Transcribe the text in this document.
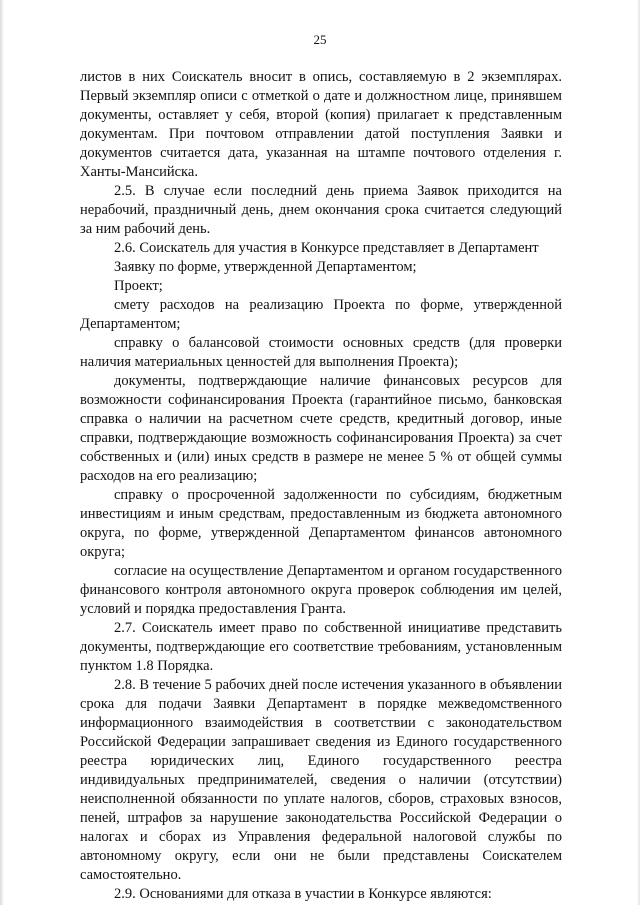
25

листов в них Соискатель вносит в опись, составляемую в 2 экземплярах. Первый экземпляр описи с отметкой о дате и должностном лице, принявшем документы, оставляет у себя, второй (копия) прилагает к представленным документам. При почтовом отправлении датой поступления Заявки и документов считается дата, указанная на штампе почтового отделения г. Ханты-Мансийска.

2.5. В случае если последний день приема Заявок приходится на нерабочий, праздничный день, днем окончания срока считается следующий за ним рабочий день.

2.6. Соискатель для участия в Конкурсе представляет в Департамент

Заявку по форме, утвержденной Департаментом;

Проект;

смету расходов на реализацию Проекта по форме, утвержденной Департаментом;

справку о балансовой стоимости основных средств (для проверки наличия материальных ценностей для выполнения Проекта);

документы, подтверждающие наличие финансовых ресурсов для возможности софинансирования Проекта (гарантийное письмо, банковская справка о наличии на расчетном счете средств, кредитный договор, иные справки, подтверждающие возможность софинансирования Проекта) за счет собственных и (или) иных средств в размере не менее 5 % от общей суммы расходов на его реализацию;

справку о просроченной задолженности по субсидиям, бюджетным инвестициям и иным средствам, предоставленным из бюджета автономного округа, по форме, утвержденной Департаментом финансов автономного округа;

согласие на осуществление Департаментом и органом государственного финансового контроля автономного округа проверок соблюдения им целей, условий и порядка предоставления Гранта.

2.7. Соискатель имеет право по собственной инициативе представить документы, подтверждающие его соответствие требованиям, установленным пунктом 1.8 Порядка.

2.8. В течение 5 рабочих дней после истечения указанного в объявлении срока для подачи Заявки Департамент в порядке межведомственного информационного взаимодействия в соответствии с законодательством Российской Федерации запрашивает сведения из Единого государственного реестра юридических лиц, Единого государственного реестра индивидуальных предпринимателей, сведения о наличии (отсутствии) неисполненной обязанности по уплате налогов, сборов, страховых взносов, пеней, штрафов за нарушение законодательства Российской Федерации о налогах и сборах из Управления федеральной налоговой службы по автономному округу, если они не были представлены Соискателем самостоятельно.

2.9. Основаниями для отказа в участии в Конкурсе являются:
